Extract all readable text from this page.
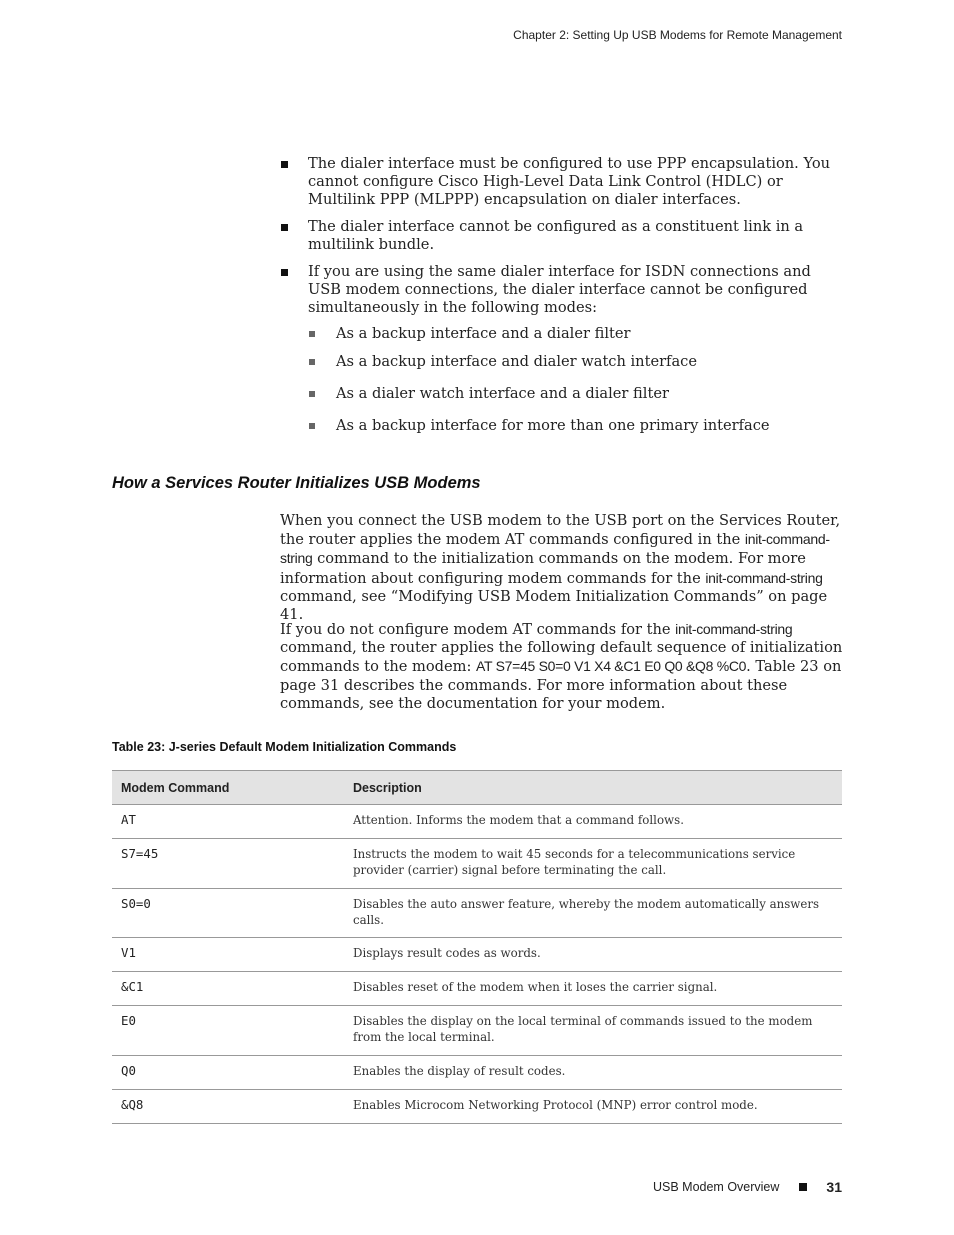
Chapter 2: Setting Up USB Modems for Remote Management
The dialer interface must be configured to use PPP encapsulation. You cannot configure Cisco High-Level Data Link Control (HDLC) or Multilink PPP (MLPPP) encapsulation on dialer interfaces.
The dialer interface cannot be configured as a constituent link in a multilink bundle.
If you are using the same dialer interface for ISDN connections and USB modem connections, the dialer interface cannot be configured simultaneously in the following modes:
As a backup interface and a dialer filter
As a backup interface and dialer watch interface
As a dialer watch interface and a dialer filter
As a backup interface for more than one primary interface
How a Services Router Initializes USB Modems

When you connect the USB modem to the USB port on the Services Router, the router applies the modem AT commands configured in the init-command-string command to the initialization commands on the modem. For more information about configuring modem commands for the init-command-string command, see “Modifying USB Modem Initialization Commands” on page 41.

If you do not configure modem AT commands for the init-command-string command, the router applies the following default sequence of initialization commands to the modem: AT S7=45 S0=0 V1 X4 &C1 E0 Q0 &Q8 %C0. Table 23 on page 31 describes the commands. For more information about these commands, see the documentation for your modem.

Table 23: J-series Default Modem Initialization Commands

Modem Command	Description
AT	Attention. Informs the modem that a command follows.
S7=45	Instructs the modem to wait 45 seconds for a telecommunications service provider (carrier) signal before terminating the call.
S0=0	Disables the auto answer feature, whereby the modem automatically answers calls.
V1	Displays result codes as words.
&C1	Disables reset of the modem when it loses the carrier signal.
E0	Disables the display on the local terminal of commands issued to the modem from the local terminal.
Q0	Enables the display of result codes.
&Q8	Enables Microcom Networking Protocol (MNP) error control mode.
USB Modem Overview	31
